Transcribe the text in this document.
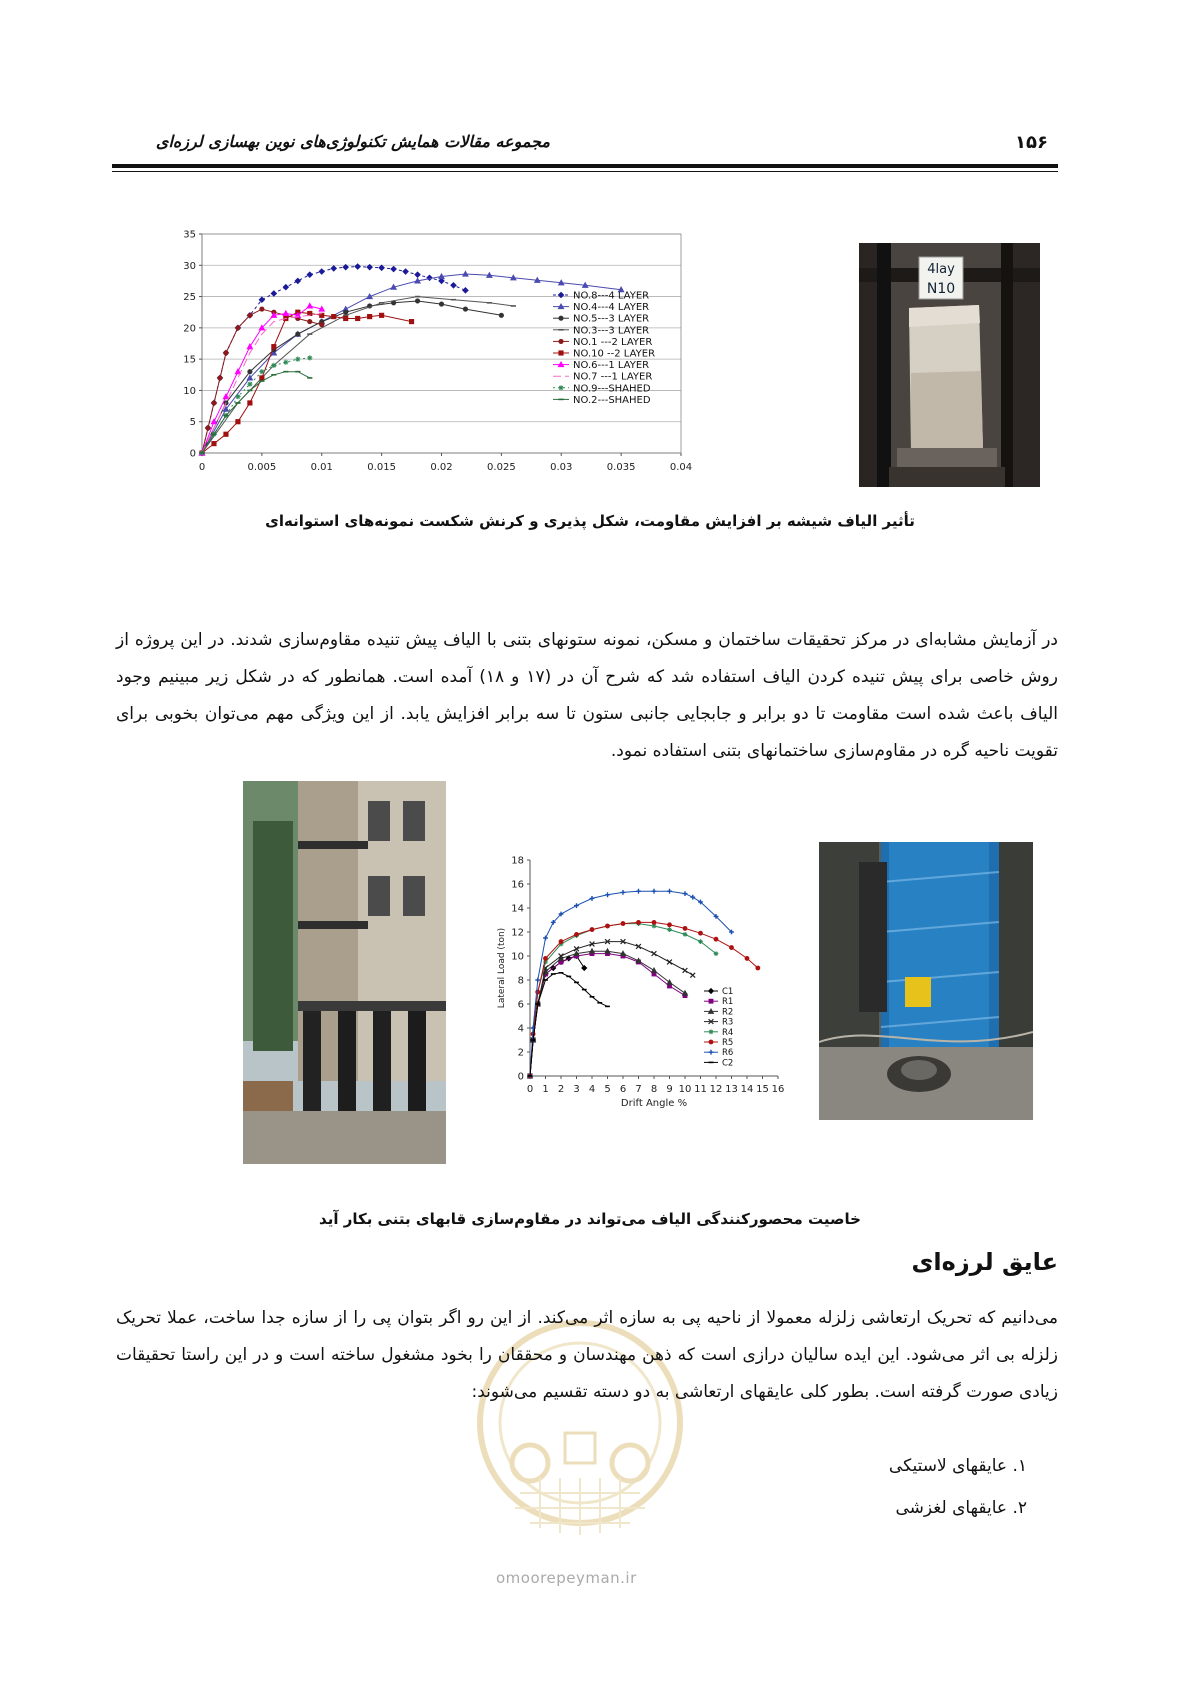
۱۵۶
مجموعه مقالات همایش تکنولوژی‌های نوین بهسازی لرزه‌ای
0	0.005	0.01	0.015	0.02	0.025	0.03	0.035	0.04
0
5
10
15
20
25
30
35
NO.8---4 LAYER
NO.4---4 LAYER
NO.5---3 LAYER
NO.3---3 LAYER
NO.1 ---2 LAYER
NO.10 --2 LAYER
NO.6---1 LAYER
NO.7 ---1 LAYER
NO.9---SHAHED
NO.2---SHAHED
4lay
N10
تأثیر الیاف شیشه بر افزایش مقاومت، شکل پذیری و کرنش شکست نمونه‌های استوانه‌ای
در آزمایش مشابه‌ای در مرکز تحقیقات ساختمان و مسکن، نمونه ستونهای بتنی با الیاف پیش تنیده مقاوم‌سازی شدند. در این پروژه از روش خاصی برای پیش تنیده کردن الیاف استفاده شد که شرح آن در (۱۷ و ۱۸) آمده است. همانطور که در شکل زیر مبینیم وجود الیاف باعث شده است مقاومت تا دو برابر و جابجایی جانبی ستون تا سه برابر افزایش یابد. از این ویژگی مهم می‌توان بخوبی برای تقویت ناحیه گره در مقاوم‌سازی ساختمانهای بتنی استفاده نمود.
0 1 2 3 4 5 6 7 8 9 10 11 12 13 14 15 16
0
2
4
6
8
10
12
14
16
18
C1
R1
R2
R3
R4
R5
R6
C2
Drift Angle %
Lateral Load (ton)
خاصیت محصورکنندگی الیاف می‌تواند در مقاوم‌سازی قابهای بتنی بکار آید
عایق لرزه‌ای
omoorepeyman.ir
می‌دانیم که تحریک ارتعاشی زلزله معمولا از ناحیه پی به سازه اثر می‌کند. از این رو اگر بتوان پی را از سازه جدا ساخت، عملا تحریک زلزله بی اثر می‌شود. این ایده سالیان درازی است که ذهن مهندسان و محققان را بخود مشغول ساخته است و در این راستا تحقیقات زیادی صورت گرفته است. بطور کلی عایقهای ارتعاشی به دو دسته تقسیم می‌شوند:
۱. عایقهای لاستیکی
۲. عایقهای لغزشی
